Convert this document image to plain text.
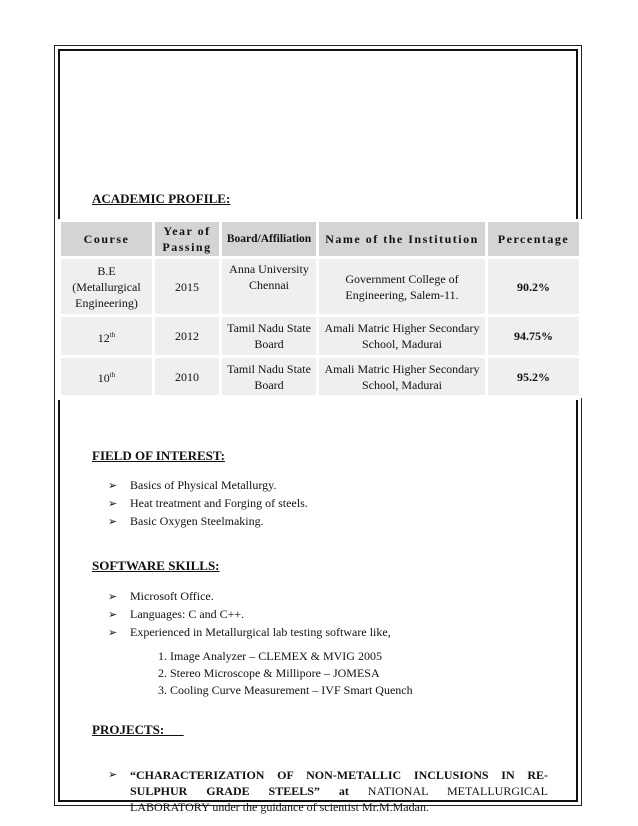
ACADEMIC PROFILE:
Course	Year of Passing	Board/Affiliation	Name of the Institution	Percentage
B.E (Metallurgical Engineering)	2015	Anna University Chennai	Government College of Engineering, Salem-11.	90.2%
12th	2012	Tamil Nadu State Board	Amali Matric Higher Secondary School, Madurai	94.75%
10th	2010	Tamil Nadu State Board	Amali Matric Higher Secondary School, Madurai	95.2%
FIELD OF INTEREST:
➢ Basics of Physical Metallurgy.
➢ Heat treatment and Forging of steels.
➢ Basic Oxygen Steelmaking.
SOFTWARE SKILLS:
➢ Microsoft Office.
➢ Languages: C and C++.
➢ Experienced in Metallurgical lab testing software like,
1. Image Analyzer – CLEMEX & MVIG 2005
2. Stereo Microscope & Millipore – JOMESA
3. Cooling Curve Measurement – IVF Smart Quench
PROJECTS:
➢	“CHARACTERIZATION OF NON-METALLIC INCLUSIONS IN RE-SULPHUR GRADE STEELS” at NATIONAL METALLURGICAL LABORATORY under the guidance of scientist Mr.M.Madan.
